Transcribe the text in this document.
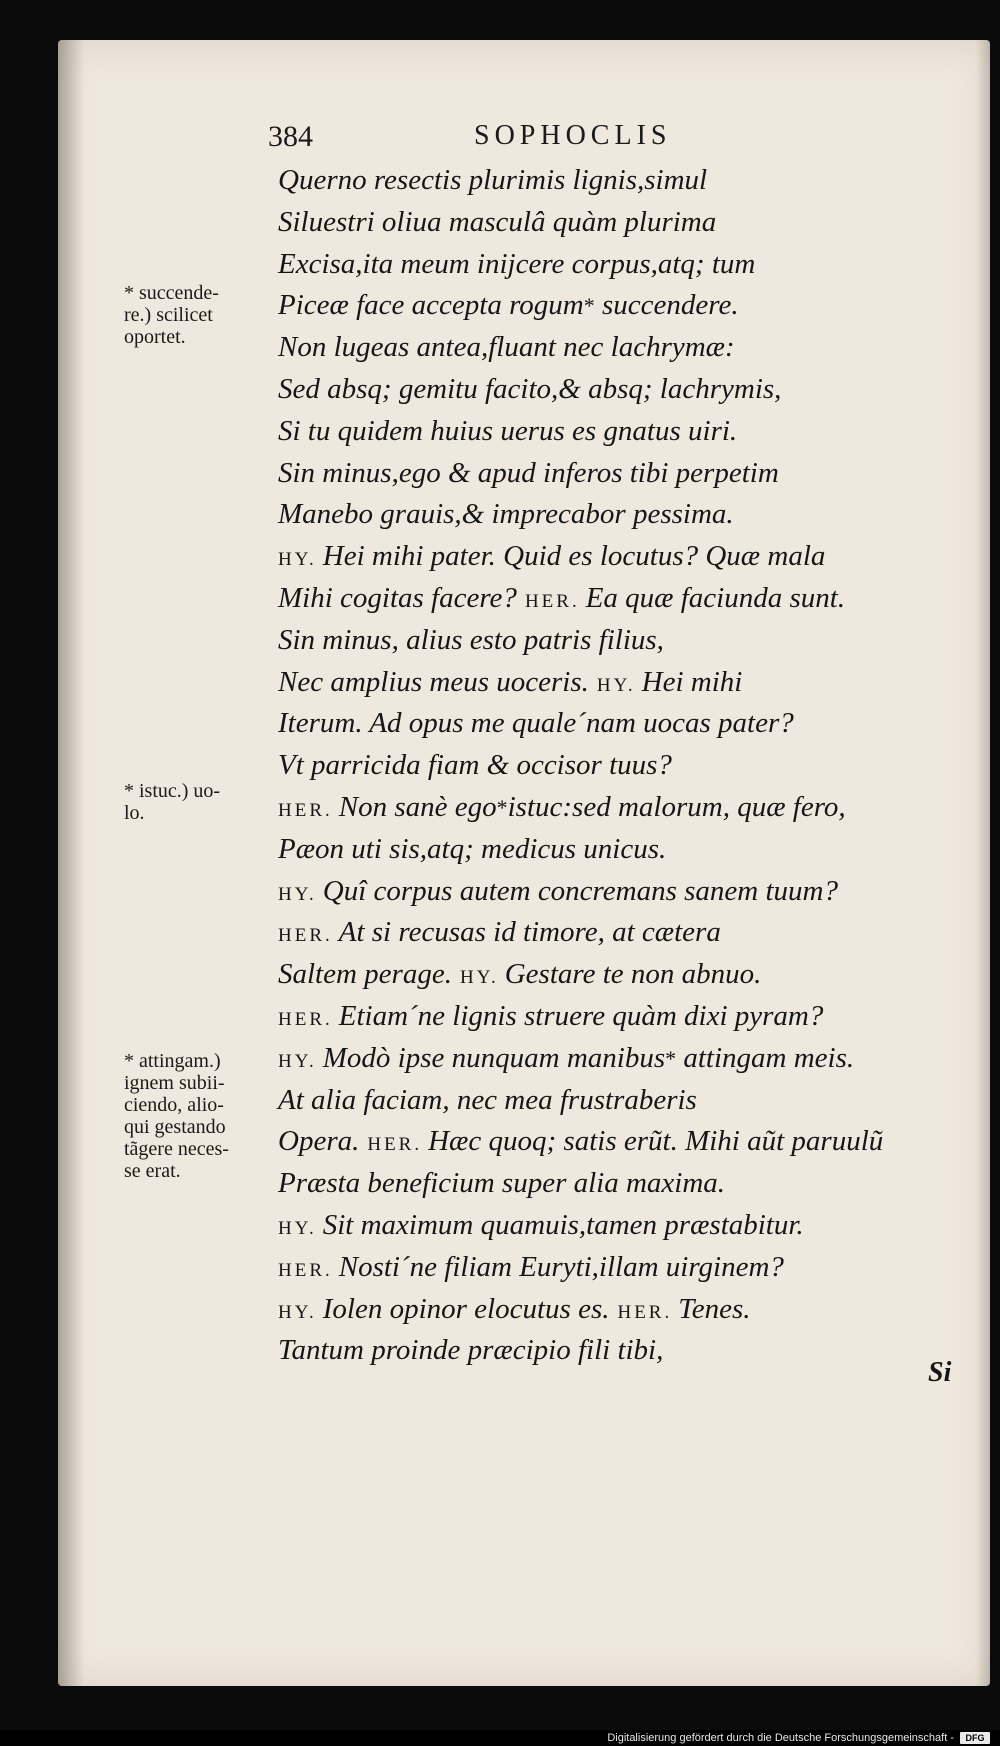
384	SOPHOCLIS
Querno resectis plurimis lignis,simul
Siluestri oliua masculâ quàm plurima
Excisa,ita meum inijcere corpus,atq; tum
Piceæ face accepta rogum* succendere.
Non lugeas antea,fluant nec lachrymæ:
Sed absq; gemitu facito,& absq; lachrymis,
Si tu quidem huius uerus es gnatus uiri.
Sin minus,ego & apud inferos tibi perpetim
Manebo grauis,& imprecabor pessima.
HY. Hei mihi pater. Quid es locutus? Quæ mala
Mihi cogitas facere? HER. Ea quæ faciunda sunt.
Sin minus, alius esto patris filius,
Nec amplius meus uoceris. HY. Hei mihi
Iterum. Ad opus me quale´nam uocas pater?
Vt parricida fiam & occisor tuus?
HER. Non sanè ego*istuc:sed malorum, quæ fero,
Pæon uti sis,atq; medicus unicus.
HY. Quî corpus autem concremans sanem tuum?
HER. At si recusas id timore, at cætera
Saltem perage. HY. Gestare te non abnuo.
HER. Etiam´ne lignis struere quàm dixi pyram?
HY. Modò ipse nunquam manibus* attingam meis.
At alia faciam, nec mea frustraberis
Opera. HER. Hæc quoq; satis erũt. Mihi aũt paruulũ
Præsta beneficium super alia maxima.
HY. Sit maximum quamuis,tamen præstabitur.
HER. Nosti´ne filiam Euryti,illam uirginem?
HY. Iolen opinor elocutus es. HER. Tenes.
Tantum proinde præcipio fili tibi,
* succende-
re.) scilicet
oportet.
* istuc.) uo-
lo.
* attingam.)
ignem subii-
ciendo, alio-
qui gestando
tãgere neces-
se erat.
Si
Digitalisierung gefördert durch die Deutsche Forschungsgemeinschaft -	DFG
